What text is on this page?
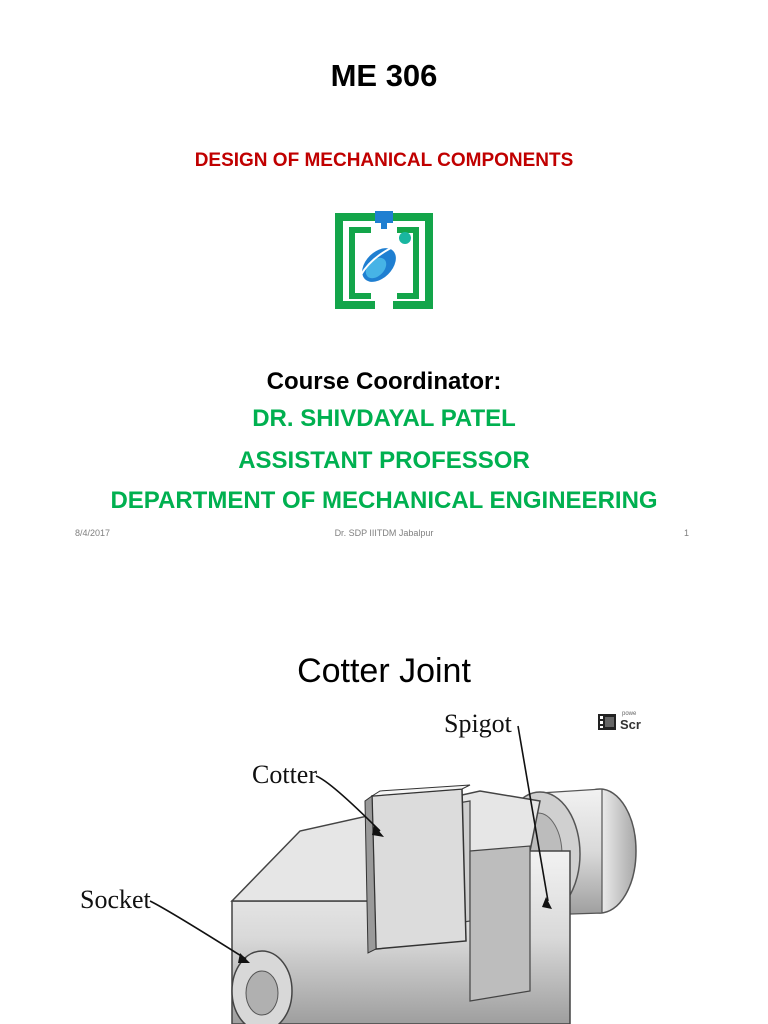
ME 306
DESIGN OF MECHANICAL COMPONENTS
Course Coordinator:
DR. SHIVDAYAL PATEL
ASSISTANT PROFESSOR
DEPARTMENT OF MECHANICAL ENGINEERING
8/4/2017	Dr. SDP IIITDM Jabalpur	1
Cotter Joint
Spigot
Cotter
Socket
powe
Scr
